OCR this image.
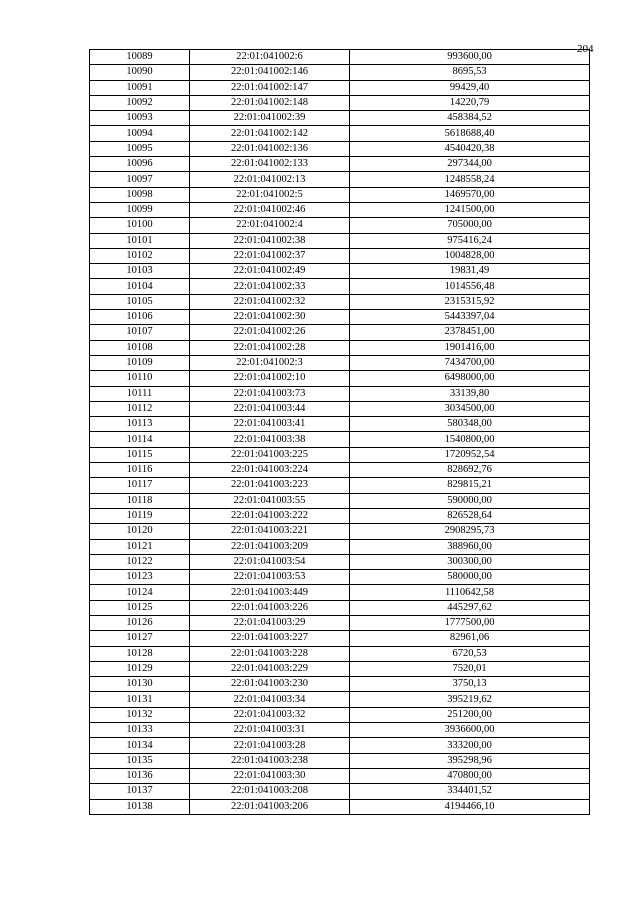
204
10089	22:01:041002:6	993600,00
10090	22:01:041002:146	8695,53
10091	22:01:041002:147	99429,40
10092	22:01:041002:148	14220,79
10093	22:01:041002:39	458384,52
10094	22:01:041002:142	5618688,40
10095	22:01:041002:136	4540420,38
10096	22:01:041002:133	297344,00
10097	22:01:041002:13	1248558,24
10098	22:01:041002:5	1469570,00
10099	22:01:041002:46	1241500,00
10100	22:01:041002:4	705000,00
10101	22:01:041002:38	975416,24
10102	22:01:041002:37	1004828,00
10103	22:01:041002:49	19831,49
10104	22:01:041002:33	1014556,48
10105	22:01:041002:32	2315315,92
10106	22:01:041002:30	5443397,04
10107	22:01:041002:26	2378451,00
10108	22:01:041002:28	1901416,00
10109	22:01:041002:3	7434700,00
10110	22:01:041002:10	6498000,00
10111	22:01:041003:73	33139,80
10112	22:01:041003:44	3034500,00
10113	22:01:041003:41	580348,00
10114	22:01:041003:38	1540800,00
10115	22:01:041003:225	1720952,54
10116	22:01:041003:224	828692,76
10117	22:01:041003:223	829815,21
10118	22:01:041003:55	590000,00
10119	22:01:041003:222	826528,64
10120	22:01:041003:221	2908295,73
10121	22:01:041003:209	388960,00
10122	22:01:041003:54	300300,00
10123	22:01:041003:53	580000,00
10124	22:01:041003:449	1110642,58
10125	22:01:041003:226	445297,62
10126	22:01:041003:29	1777500,00
10127	22:01:041003:227	82961,06
10128	22:01:041003:228	6720,53
10129	22:01:041003:229	7520,01
10130	22:01:041003:230	3750,13
10131	22:01:041003:34	395219,62
10132	22:01:041003:32	251200,00
10133	22:01:041003:31	3936600,00
10134	22:01:041003:28	333200,00
10135	22:01:041003:238	395298,96
10136	22:01:041003:30	470800,00
10137	22:01:041003:208	334401,52
10138	22:01:041003:206	4194466,10
